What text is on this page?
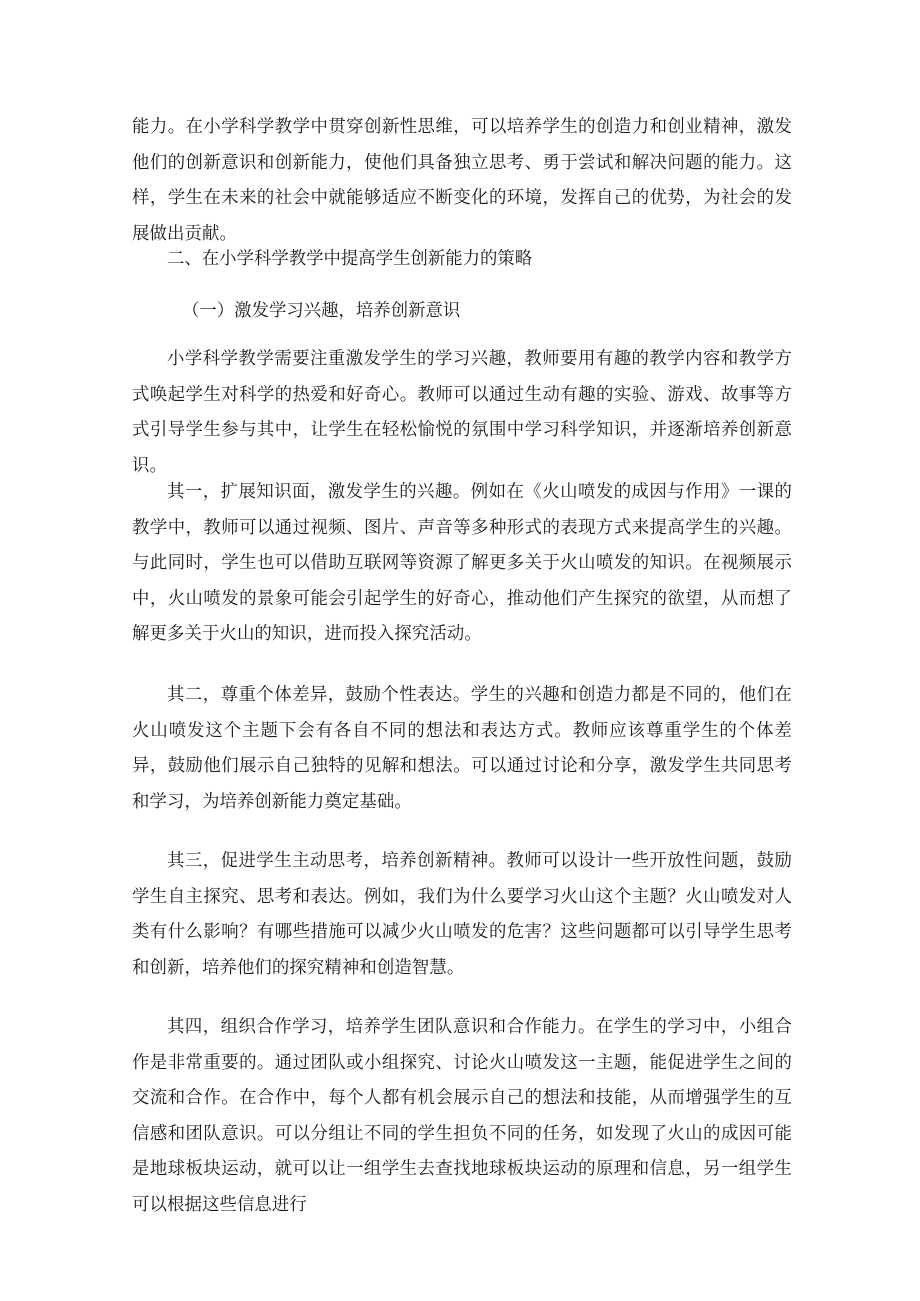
能力。在小学科学教学中贯穿创新性思维，可以培养学生的创造力和创业精神，激发他们的创新意识和创新能力，使他们具备独立思考、勇于尝试和解决问题的能力。这样，学生在未来的社会中就能够适应不断变化的环境，发挥自己的优势，为社会的发展做出贡献。

二、在小学科学教学中提高学生创新能力的策略

（一）激发学习兴趣，培养创新意识

小学科学教学需要注重激发学生的学习兴趣，教师要用有趣的教学内容和教学方式唤起学生对科学的热爱和好奇心。教师可以通过生动有趣的实验、游戏、故事等方式引导学生参与其中，让学生在轻松愉悦的氛围中学习科学知识，并逐渐培养创新意识。

其一，扩展知识面，激发学生的兴趣。例如在《火山喷发的成因与作用》一课的教学中，教师可以通过视频、图片、声音等多种形式的表现方式来提高学生的兴趣。与此同时，学生也可以借助互联网等资源了解更多关于火山喷发的知识。在视频展示中，火山喷发的景象可能会引起学生的好奇心，推动他们产生探究的欲望，从而想了解更多关于火山的知识，进而投入探究活动。

其二，尊重个体差异，鼓励个性表达。学生的兴趣和创造力都是不同的，他们在火山喷发这个主题下会有各自不同的想法和表达方式。教师应该尊重学生的个体差异，鼓励他们展示自己独特的见解和想法。可以通过讨论和分享，激发学生共同思考和学习，为培养创新能力奠定基础。

其三，促进学生主动思考，培养创新精神。教师可以设计一些开放性问题，鼓励学生自主探究、思考和表达。例如，我们为什么要学习火山这个主题？火山喷发对人类有什么影响？有哪些措施可以减少火山喷发的危害？这些问题都可以引导学生思考和创新，培养他们的探究精神和创造智慧。

其四，组织合作学习，培养学生团队意识和合作能力。在学生的学习中，小组合作是非常重要的。通过团队或小组探究、讨论火山喷发这一主题，能促进学生之间的交流和合作。在合作中，每个人都有机会展示自己的想法和技能，从而增强学生的互信感和团队意识。可以分组让不同的学生担负不同的任务，如发现了火山的成因可能是地球板块运动，就可以让一组学生去查找地球板块运动的原理和信息，另一组学生可以根据这些信息进行
